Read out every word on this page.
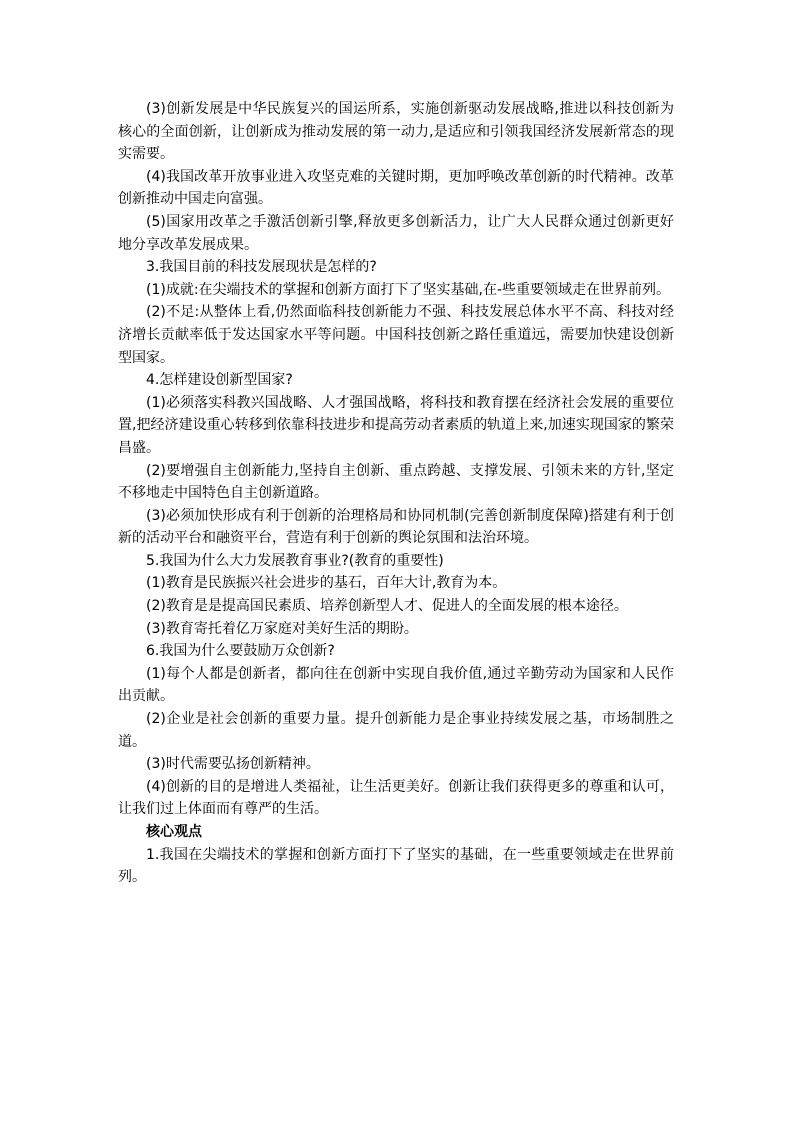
(3)创新发展是中华民族复兴的国运所系，实施创新驱动发展战略,推进以科技创新为核心的全面创新，让创新成为推动发展的第一动力,是适应和引领我国经济发展新常态的现实需要。

(4)我国改革开放事业进入攻坚克难的关键时期，更加呼唤改革创新的时代精神。改革创新推动中国走向富强。

(5)国家用改革之手激活创新引擎,释放更多创新活力，让广大人民群众通过创新更好地分享改革发展成果。

3.我国目前的科技发展现状是怎样的?

(1)成就:在尖端技术的掌握和创新方面打下了坚实基础,在-些重要领域走在世界前列。

(2)不足:从整体上看,仍然面临科技创新能力不强、科技发展总体水平不高、科技对经济增长贡献率低于发达国家水平等问题。中国科技创新之路任重道远，需要加快建设创新型国家。

4.怎样建设创新型国家?

(1)必须落实科教兴国战略、人才强国战略，将科技和教育摆在经济社会发展的重要位置,把经济建设重心转移到依靠科技进步和提高劳动者素质的轨道上来,加速实现国家的繁荣昌盛。

(2)要增强自主创新能力,坚持自主创新、重点跨越、支撑发展、引领未来的方针,坚定不移地走中国特色自主创新道路。

(3)必须加快形成有利于创新的治理格局和协同机制(完善创新制度保障)搭建有利于创新的活动平台和融资平台，营造有利于创新的舆论氛围和法治环境。

5.我国为什么大力发展教育事业?(教育的重要性)

(1)教育是民族振兴社会进步的基石，百年大计,教育为本。

(2)教育是是提高国民素质、培养创新型人才、促进人的全面发展的根本途径。

(3)教育寄托着亿万家庭对美好生活的期盼。

6.我国为什么要鼓励万众创新?

(1)每个人都是创新者，都向往在创新中实现自我价值,通过辛勤劳动为国家和人民作出贡献。

(2)企业是社会创新的重要力量。提升创新能力是企事业持续发展之基，市场制胜之道。

(3)时代需要弘扬创新精神。

(4)创新的目的是增进人类福祉，让生活更美好。创新让我们获得更多的尊重和认可，让我们过上体面而有尊严的生活。

核心观点

1.我国在尖端技术的掌握和创新方面打下了坚实的基础，在一些重要领域走在世界前列。
